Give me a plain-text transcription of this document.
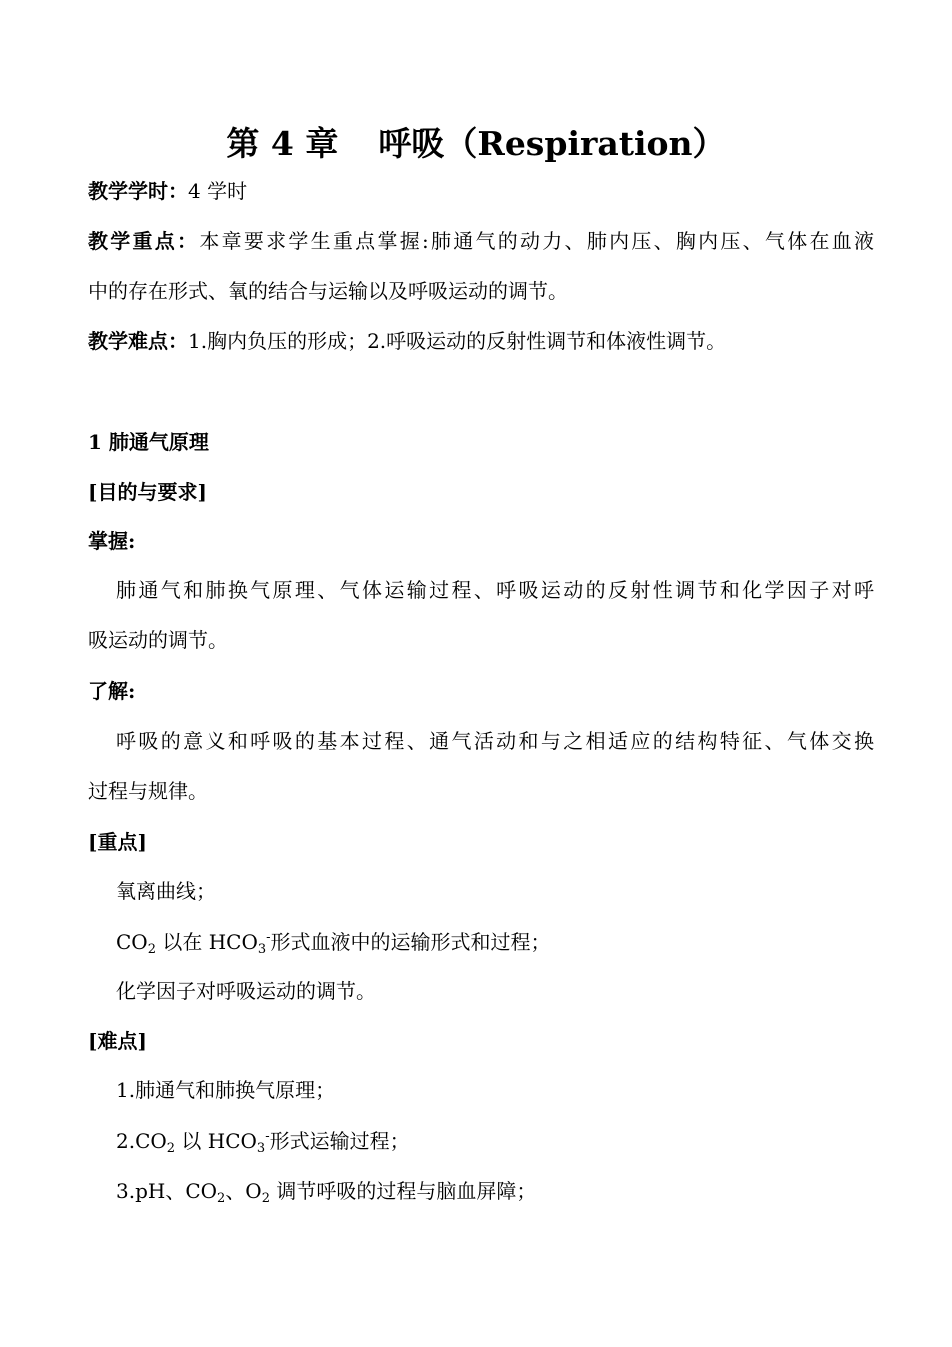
第 4 章 呼吸（Respiration）
教学学时：4 学时
教学重点：本章要求学生重点掌握:肺通气的动力、肺内压、胸内压、气体在血液
中的存在形式、氧的结合与运输以及呼吸运动的调节。
教学难点：1.胸内负压的形成；2.呼吸运动的反射性调节和体液性调节。
1 肺通气原理
[目的与要求]
掌握:
肺通气和肺换气原理、气体运输过程、呼吸运动的反射性调节和化学因子对呼
吸运动的调节。
了解:
呼吸的意义和呼吸的基本过程、通气活动和与之相适应的结构特征、气体交换
过程与规律。
[重点]
氧离曲线；
$CO_2$ 以在 $HCO_3^-$形式血液中的运输形式和过程；
化学因子对呼吸运动的调节。
[难点]
1.肺通气和肺换气原理；
$2.CO_2$ 以 $HCO_3^-$形式运输过程；
3.pH、$CO_2$、$O_2$ 调节呼吸的过程与脑血屏障；
